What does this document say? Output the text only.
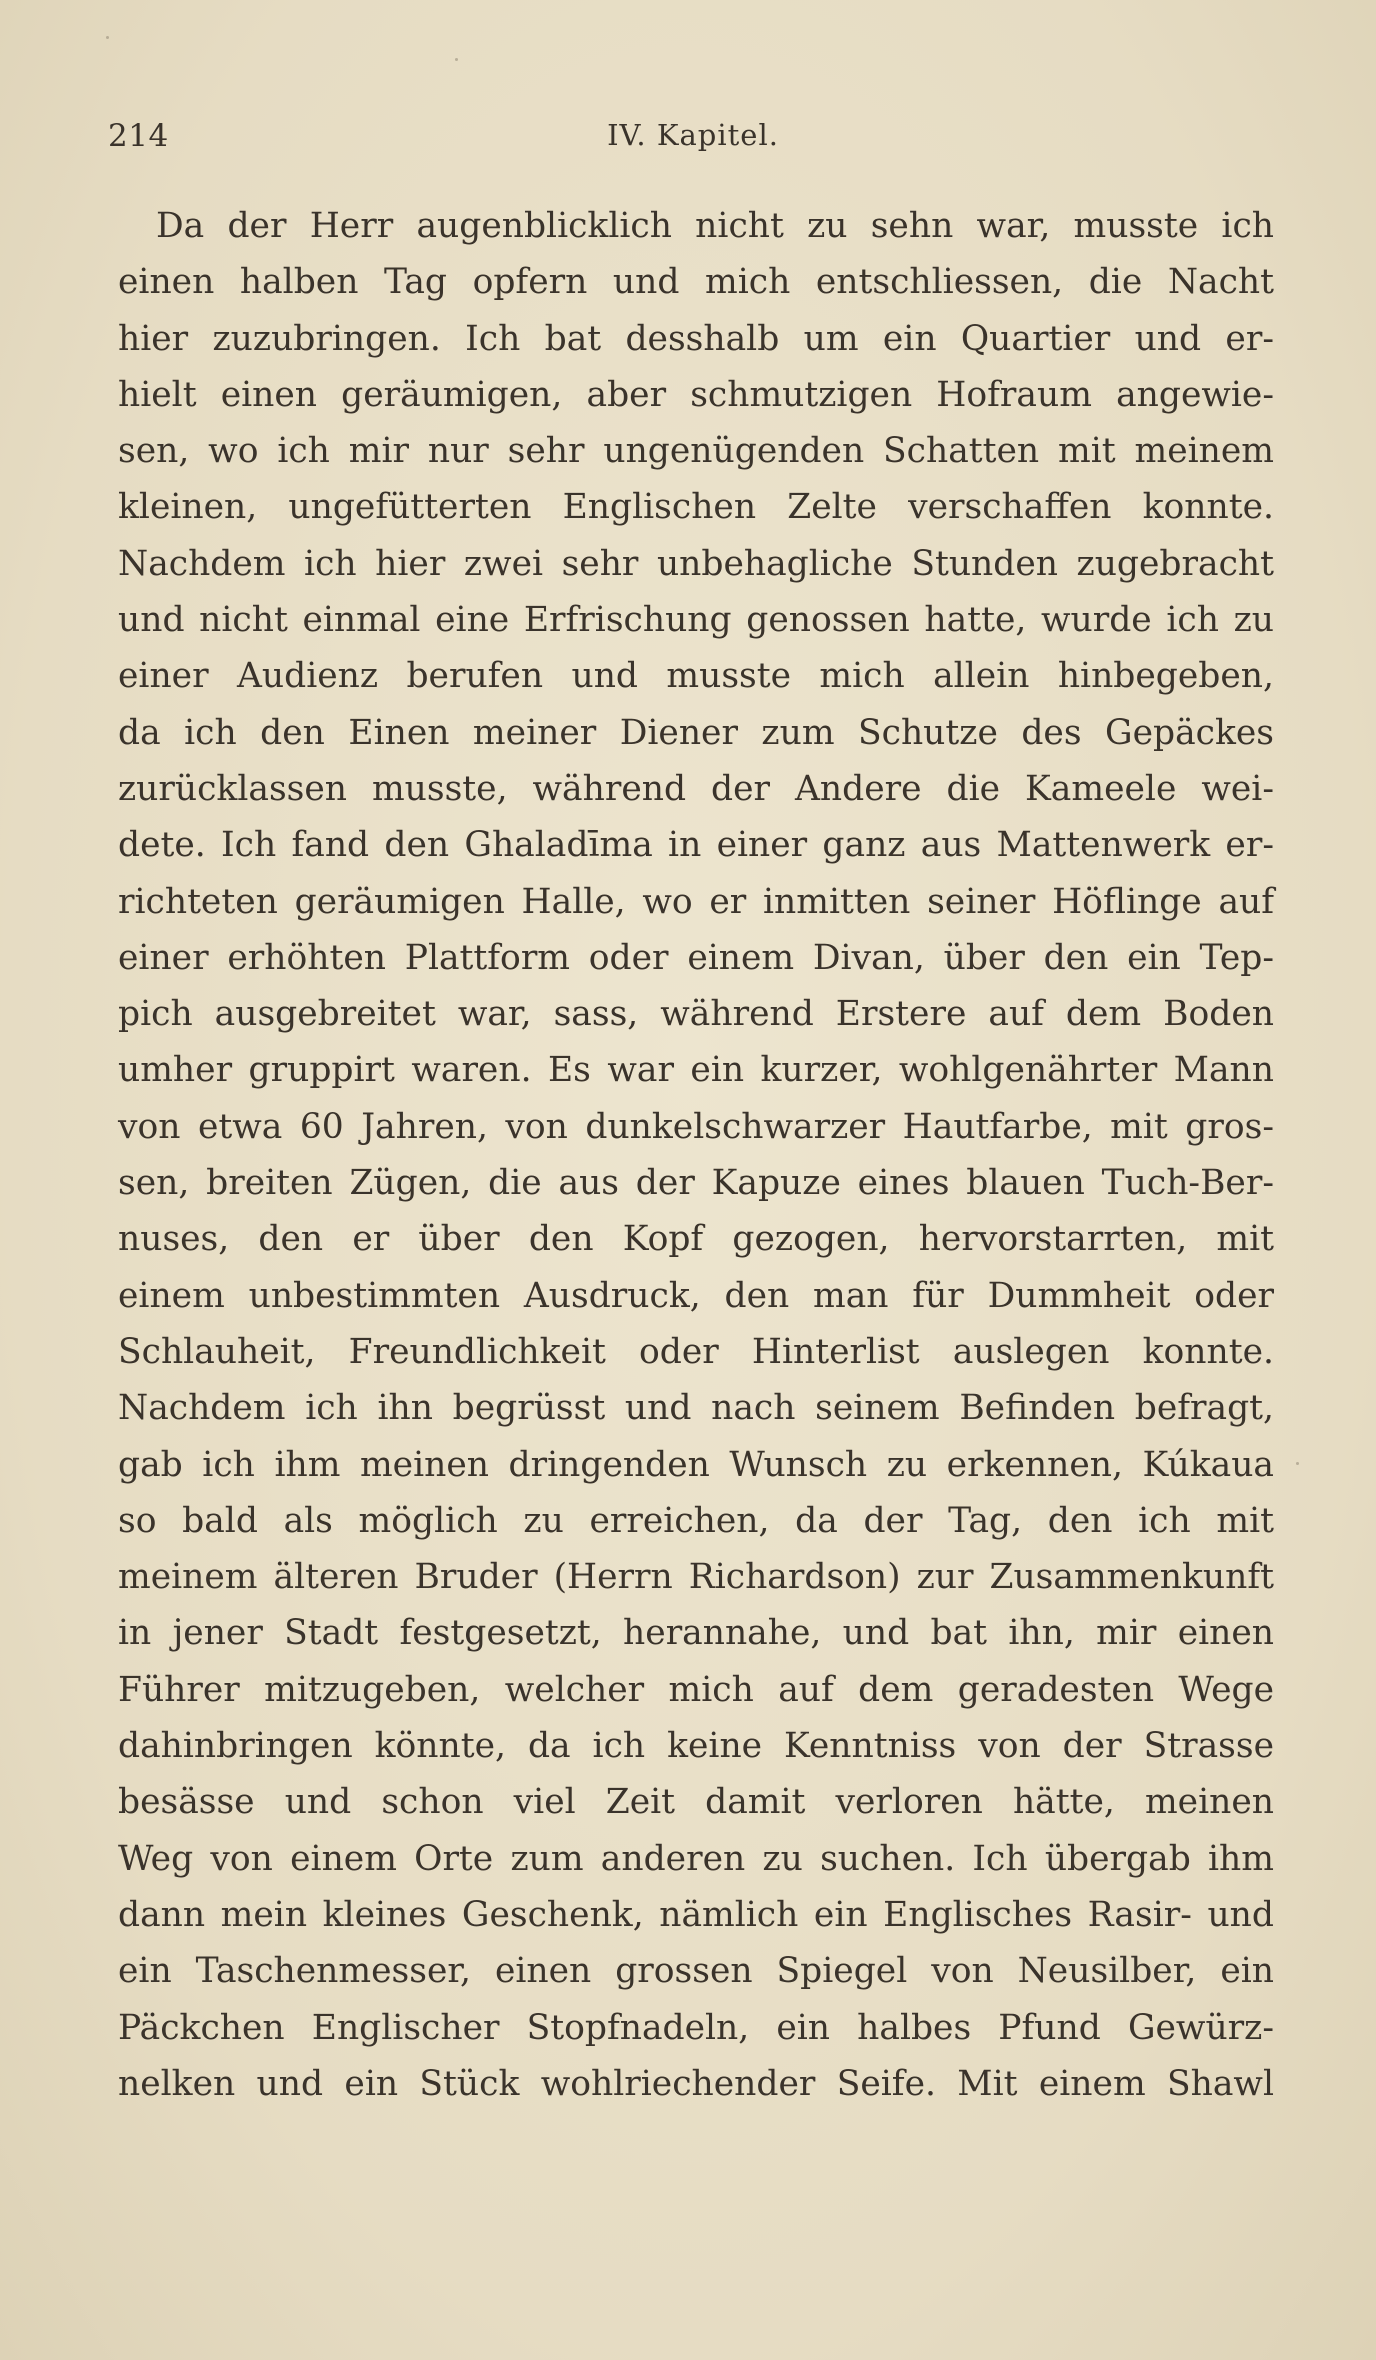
214	IV. Kapitel.
Da der Herr augenblicklich nicht zu sehn war, musste ich
einen halben Tag opfern und mich entschliessen, die Nacht
hier zuzubringen. Ich bat desshalb um ein Quartier und er-
hielt einen geräumigen, aber schmutzigen Hofraum angewie-
sen, wo ich mir nur sehr ungenügenden Schatten mit meinem
kleinen, ungefütterten Englischen Zelte verschaffen konnte.
Nachdem ich hier zwei sehr unbehagliche Stunden zugebracht
und nicht einmal eine Erfrischung genossen hatte, wurde ich zu
einer Audienz berufen und musste mich allein hinbegeben,
da ich den Einen meiner Diener zum Schutze des Gepäckes
zurücklassen musste, während der Andere die Kameele wei-
dete. Ich fand den Ghaladīma in einer ganz aus Mattenwerk er-
richteten geräumigen Halle, wo er inmitten seiner Höflinge auf
einer erhöhten Plattform oder einem Divan, über den ein Tep-
pich ausgebreitet war, sass, während Erstere auf dem Boden
umher gruppirt waren. Es war ein kurzer, wohlgenährter Mann
von etwa 60 Jahren, von dunkelschwarzer Hautfarbe, mit gros-
sen, breiten Zügen, die aus der Kapuze eines blauen Tuch-Ber-
nuses, den er über den Kopf gezogen, hervorstarrten, mit
einem unbestimmten Ausdruck, den man für Dummheit oder
Schlauheit, Freundlichkeit oder Hinterlist auslegen konnte.
Nachdem ich ihn begrüsst und nach seinem Befinden befragt,
gab ich ihm meinen dringenden Wunsch zu erkennen, Kúkaua
so bald als möglich zu erreichen, da der Tag, den ich mit
meinem älteren Bruder (Herrn Richardson) zur Zusammenkunft
in jener Stadt festgesetzt, herannahe, und bat ihn, mir einen
Führer mitzugeben, welcher mich auf dem geradesten Wege
dahinbringen könnte, da ich keine Kenntniss von der Strasse
besässe und schon viel Zeit damit verloren hätte, meinen
Weg von einem Orte zum anderen zu suchen. Ich übergab ihm
dann mein kleines Geschenk, nämlich ein Englisches Rasir- und
ein Taschenmesser, einen grossen Spiegel von Neusilber, ein
Päckchen Englischer Stopfnadeln, ein halbes Pfund Gewürz-
nelken und ein Stück wohlriechender Seife. Mit einem Shawl
